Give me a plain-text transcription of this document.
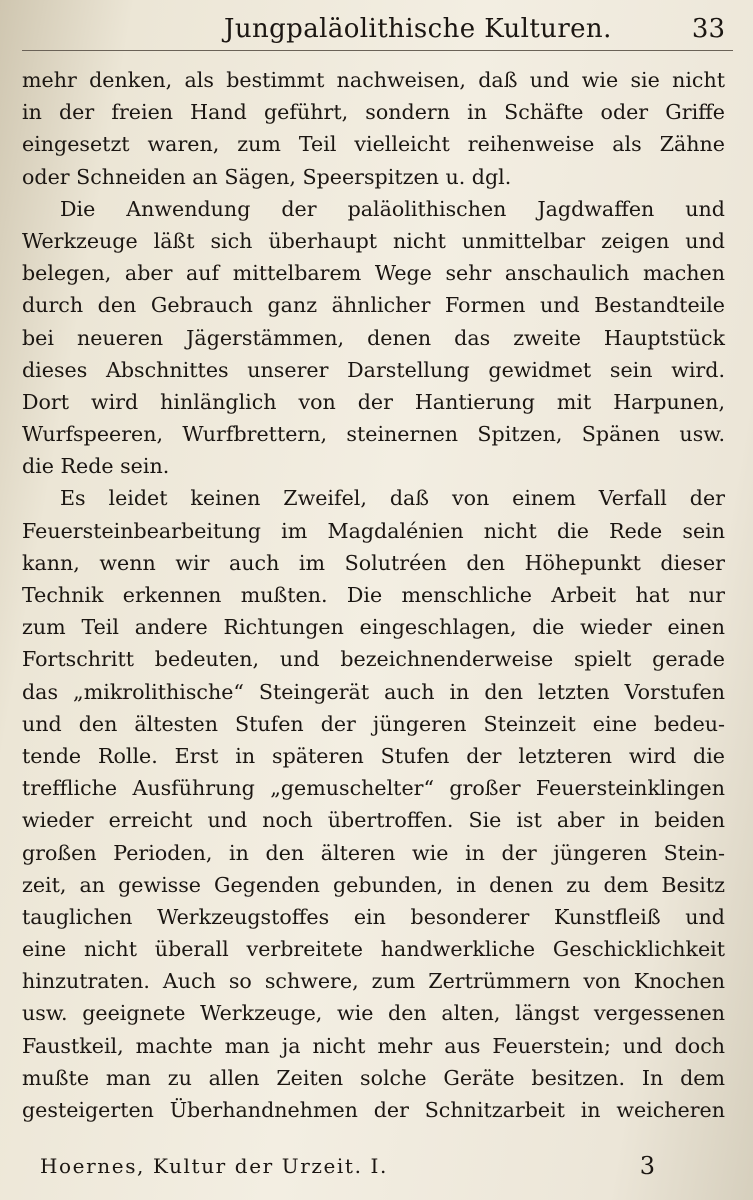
Jungpaläolithische Kulturen.	33
mehr denken, als bestimmt nachweisen, daß und wie sie nicht
in der freien Hand geführt, sondern in Schäfte oder Griffe
eingesetzt waren, zum Teil vielleicht reihenweise als Zähne
oder Schneiden an Sägen, Speerspitzen u. dgl.
Die Anwendung der paläolithischen Jagdwaffen und
Werkzeuge läßt sich überhaupt nicht unmittelbar zeigen und
belegen, aber auf mittelbarem Wege sehr anschaulich machen
durch den Gebrauch ganz ähnlicher Formen und Bestandteile
bei neueren Jägerstämmen, denen das zweite Hauptstück
dieses Abschnittes unserer Darstellung gewidmet sein wird.
Dort wird hinlänglich von der Hantierung mit Harpunen,
Wurfspeeren, Wurfbrettern, steinernen Spitzen, Spänen usw.
die Rede sein.
Es leidet keinen Zweifel, daß von einem Verfall der
Feuersteinbearbeitung im Magdalénien nicht die Rede sein
kann, wenn wir auch im Solutréen den Höhepunkt dieser
Technik erkennen mußten. Die menschliche Arbeit hat nur
zum Teil andere Richtungen eingeschlagen, die wieder einen
Fortschritt bedeuten, und bezeichnenderweise spielt gerade
das „mikrolithische“ Steingerät auch in den letzten Vorstufen
und den ältesten Stufen der jüngeren Steinzeit eine bedeu-
tende Rolle. Erst in späteren Stufen der letzteren wird die
treffliche Ausführung „gemuschelter“ großer Feuersteinklingen
wieder erreicht und noch übertroffen. Sie ist aber in beiden
großen Perioden, in den älteren wie in der jüngeren Stein-
zeit, an gewisse Gegenden gebunden, in denen zu dem Besitz
tauglichen Werkzeugstoffes ein besonderer Kunstfleiß und
eine nicht überall verbreitete handwerkliche Geschicklichkeit
hinzutraten. Auch so schwere, zum Zertrümmern von Knochen
usw. geeignete Werkzeuge, wie den alten, längst vergessenen
Faustkeil, machte man ja nicht mehr aus Feuerstein; und doch
mußte man zu allen Zeiten solche Geräte besitzen. In dem
gesteigerten Überhandnehmen der Schnitzarbeit in weicheren
Hoernes, Kultur der Urzeit. I.	3
